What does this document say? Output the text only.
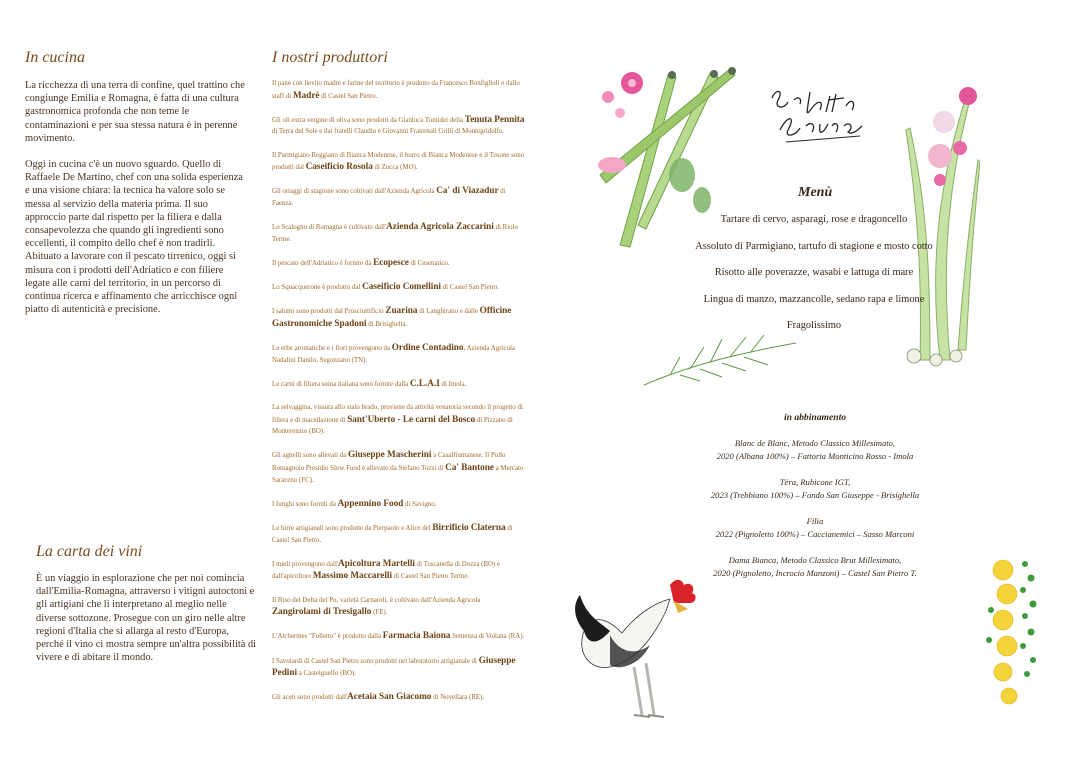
In cucina

La ricchezza di una terra di confine, quel trattino che congiunge Emilia e Romagna, è fatta di una cultura gastronomica profonda che non teme le contaminazioni e per sua stessa natura è in perenne movimento.

Oggi in cucina c'è un nuovo sguardo. Quello di Raffaele De Martino, chef con una solida esperienza e una visione chiara: la tecnica ha valore solo se messa al servizio della materia prima. Il suo approccio parte dal rispetto per la filiera e dalla consapevolezza che quando gli ingredienti sono eccellenti, il compito dello chef è non tradirli. Abituato a lavorare con il pescato tirrenico, oggi si misura con i prodotti dell'Adriatico e con filiere legate alle carni del territorio, in un percorso di continua ricerca e affinamento che arricchisce ogni piatto di autenticità e precisione.

La carta dei vini

È un viaggio in esplorazione che per noi comincia dall'Emilia-Romagna, attraverso i vitigni autoctoni e gli artigiani che li interpretano al meglio nelle diverse sottozone. Prosegue con un giro nelle altre regioni d'Italia che si allarga al resto d'Europa, perché il vino ci mostra sempre un'altra possibilità di vivere e di abitare il mondo.

I nostri produttori
Il pane con lievito madre e farine del territorio è prodotto da Francesco Bonfiglioli e dallo staff di Madrè di Castel San Pietro.
Gli oli extra vergine di oliva sono prodotti da Gianluca Tumidei della Tenuta Pennita di Terra del Sole e dai fratelli Claudio e Giovanni Fraternali Grilli di Montegridolfo.
Il Parmigiano Reggiano di Bianca Modenese, il burro di Bianca Modenese e il Tosone sono prodotti dal Caseificio Rosola di Zocca (MO).
Gli ortaggi di stagione sono coltivati dall'Azienda Agricola Ca' di Viazadur di Faenza.
Lo Scalogno di Romagna è coltivato dall'Azienda Agricola Zaccarini di Riolo Terme.
Il pescato dell'Adriatico è fornito da Ecopesce di Cesenatico.
Lo Squacquerone è prodotto dal Caseificio Comellini di Castel San Pietro.
I salumi sono prodotti dal Prosciuttificio Zuarina di Langhirano e dalle Officine Gastronomiche Spadoni di Brisighella.
Le erbe aromatiche e i fiori provengono da Ordine Contadino, Azienda Agricola Nadalini Danilo, Segonzano (TN).
Le carni di filiera suina italiana sono fornite dalla C.L.A.I di Imola.
La selvaggina, vissuta allo stato brado, proviene da attività venatoria secondo il progetto di filiera e di macellazione di Sant'Uberto - Le carni del Bosco di Pizzano di Monterenzio (BO).
Gli agnelli sono allevati da Giuseppe Mascherini a Casalfiumanese. Il Pollo Romagnolo Presidio Slow Food è allevato da Stefano Tozzi di Ca' Bantone a Mercato Saraceno (FC).
I funghi sono forniti da Appennino Food di Savigno.
Le birre artigianali sono prodotte da Pierpaolo e Alice del Birrificio Claterna di Castel San Pietro.
I mieli provengono dall'Apicoltura Martelli di Toscanella di Dozza (BO) e dall'apicoltore Massimo Maccarelli di Castel San Pietro Terme.
Il Riso del Delta del Po, varietà Carnaroli, è coltivato dall'Azienda Agricola Zangirolami di Tresigallo (FE).
L'Alchermes "Folletto" è prodotto dalla Farmacia Baiona Semenza di Voltana (RA).
I Savoiardi di Castel San Pietro sono prodotti nel laboratorio artigianale di Giuseppe Pedini a Castelguelfo (BO).
Gli aceti sono prodotti dall'Acetaia San Giacomo di Novellara (RE).
Menù
Tartare di cervo, asparagi, rose e dragoncello
Assoluto di Parmigiano, tartufo di stagione e mosto cotto
Risotto alle poverazze, wasabi e lattuga di mare
Lingua di manzo, mazzancolle, sedano rapa e limone
Fragolissimo
in abbinamento
Blanc de Blanc, Metodo Classico Millesimato,
2020 (Albana 100%) – Fattoria Monticino Rosso - Imola
Tëra, Rubicone IGT,
2023 (Trebbiano 100%) – Fondo San Giuseppe - Brisighella
Filia
2022 (Pignoletto 100%) – Caccianemici – Sasso Marconi
Dama Bianca, Metodo Classico Brut Millesimato,
2020 (Pignoletto, Incrocio Manzoni) – Castel San Pietro T.
